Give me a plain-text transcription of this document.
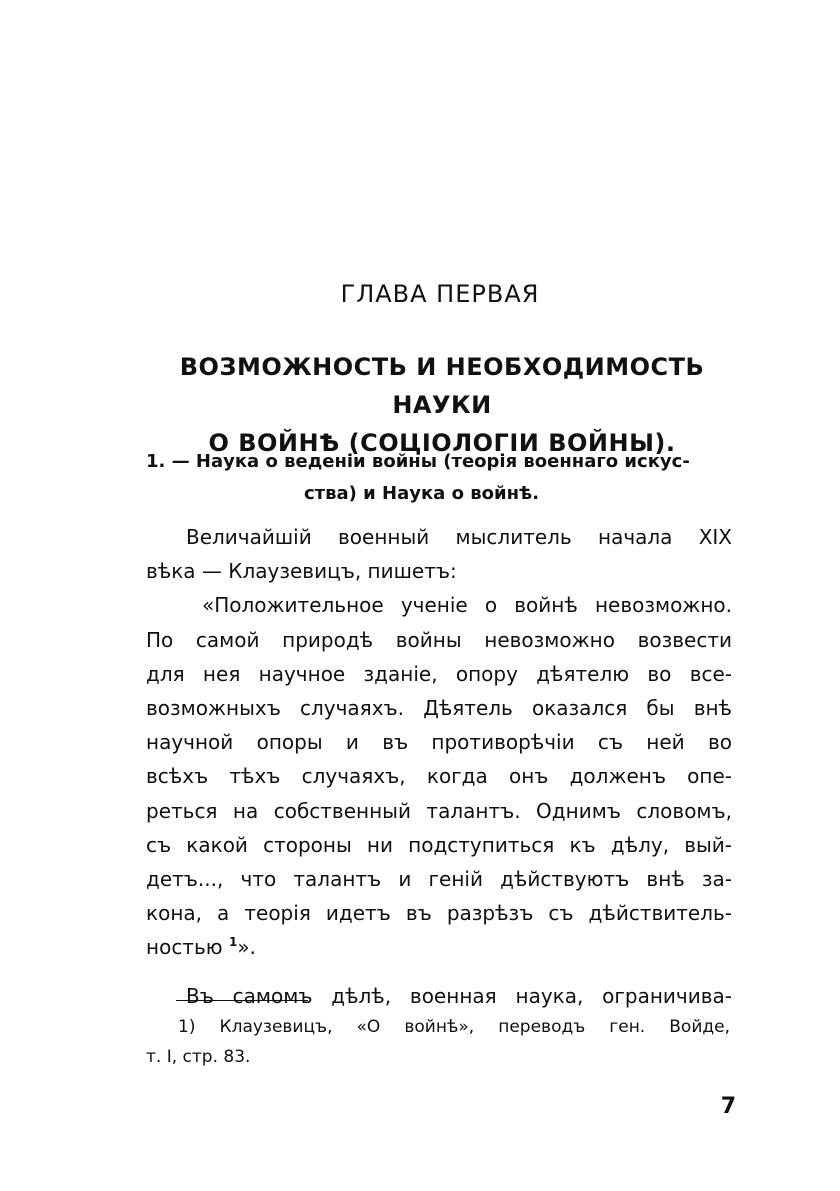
ГЛАВА ПЕРВАЯ
ВОЗМОЖНОСТЬ И НЕОБХОДИМОСТЬ НАУКИ
О ВОЙНѢ (СОЦІОЛОГІИ ВОЙНЫ).
1. — Наука о веденіи войны (теорія военнаго искус-
ства) и Наука о войнѣ.
Величайшій военный мыслитель начала XIX
вѣка — Клаузевицъ, пишетъ:
«Положительное ученіе о войнѣ невозможно.
По самой природѣ войны невозможно возвести
для нея научное зданіе, опору дѣятелю во все-
возможныхъ случаяхъ. Дѣятель оказался бы внѣ
научной опоры и въ противорѣчіи съ ней во
всѣхъ тѣхъ случаяхъ, когда онъ долженъ опе-
реться на собственный талантъ. Однимъ словомъ,
съ какой стороны ни подступиться къ дѣлу, вый-
детъ..., что талантъ и геній дѣйствуютъ внѣ за-
кона, а теорія идетъ въ разрѣзъ съ дѣйствитель-
ностью $^1$».
Въ самомъ дѣлѣ, военная наука, ограничива-
1) Клаузевицъ, «О войнѣ», переводъ ген. Войде,
т. I, стр. 83.
7
